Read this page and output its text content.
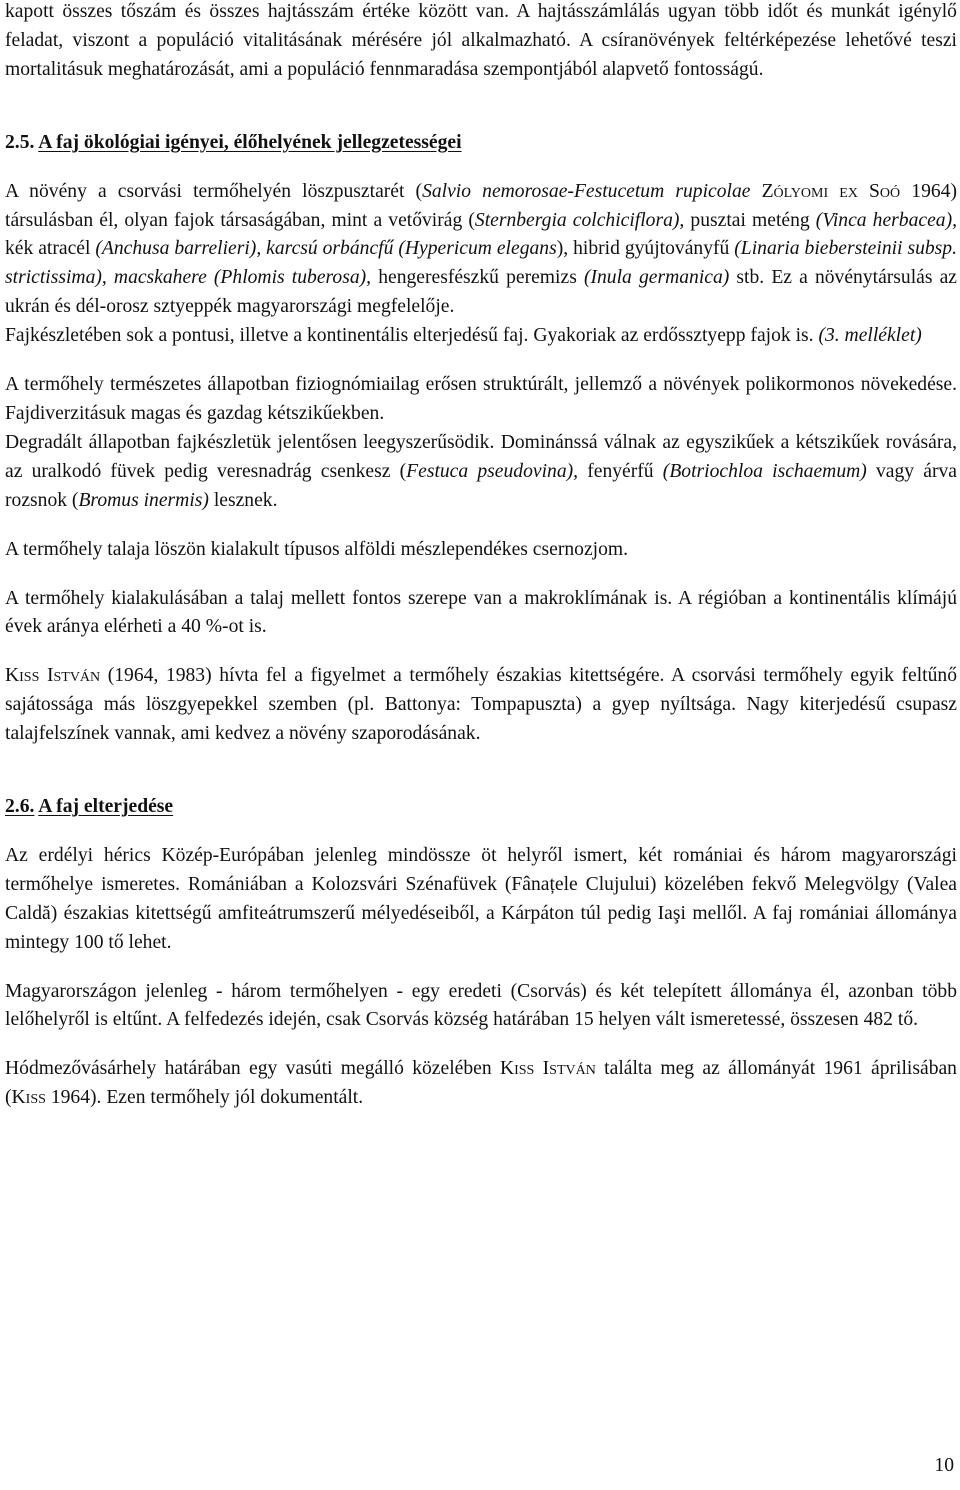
kapott összes tőszám és összes hajtásszám értéke között van. A hajtásszámlálás ugyan több időt és munkát igénylő feladat, viszont a populáció vitalitásának mérésére jól alkalmazható. A csíranövények feltérképezése lehetővé teszi mortalitásuk meghatározását, ami a populáció fennmaradása szempontjából alapvető fontosságú.

2.5. A faj ökológiai igényei, élőhelyének jellegzetességei

A növény a csorvási termőhelyén löszpusztarét (Salvio nemorosae-Festucetum rupicolae Zólyomi ex Soó 1964) társulásban él, olyan fajok társaságában, mint a vetővirág (Sternbergia colchiciflora), pusztai meténg (Vinca herbacea), kék atracél (Anchusa barrelieri), karcsú orbáncfű (Hypericum elegans), hibrid gyújtoványfű (Linaria biebersteinii subsp. strictissima), macskahere (Phlomis tuberosa), hengeresfészkű peremizs (Inula germanica) stb. Ez a növénytársulás az ukrán és dél-orosz sztyeppék magyarországi megfelelője.

Fajkészletében sok a pontusi, illetve a kontinentális elterjedésű faj. Gyakoriak az erdőssztyepp fajok is. (3. melléklet)

A termőhely természetes állapotban fiziognómiailag erősen struktúrált, jellemző a növények polikormonos növekedése. Fajdiverzitásuk magas és gazdag kétszikűekben.

Degradált állapotban fajkészletük jelentősen leegyszerűsödik. Dominánssá válnak az egyszikűek a kétszikűek rovására, az uralkodó füvek pedig veresnadrág csenkesz (Festuca pseudovina), fenyérfű (Botriochloa ischaemum) vagy árva rozsnok (Bromus inermis) lesznek.

A termőhely talaja löszön kialakult típusos alföldi mészlependékes csernozjom.

A termőhely kialakulásában a talaj mellett fontos szerepe van a makroklímának is. A régióban a kontinentális klímájú évek aránya elérheti a 40 %-ot is.

Kiss István (1964, 1983) hívta fel a figyelmet a termőhely északias kitettségére. A csorvási termőhely egyik feltűnő sajátossága más löszgyepekkel szemben (pl. Battonya: Tompapuszta) a gyep nyíltsága. Nagy kiterjedésű csupasz talajfelszínek vannak, ami kedvez a növény szaporodásának.

2.6. A faj elterjedése

Az erdélyi hérics Közép-Európában jelenleg mindössze öt helyről ismert, két romániai és három magyarországi termőhelye ismeretes. Romániában a Kolozsvári Szénafüvek (Fânațele Clujului) közelében fekvő Melegvölgy (Valea Caldă) északias kitettségű amfiteátrumszerű mélyedéseiből, a Kárpáton túl pedig Iaşi mellől. A faj romániai állománya mintegy 100 tő lehet.

Magyarországon jelenleg - három termőhelyen - egy eredeti (Csorvás) és két telepített állománya él, azonban több lelőhelyről is eltűnt. A felfedezés idején, csak Csorvás község határában 15 helyen vált ismeretessé, összesen 482 tő.

Hódmezővásárhely határában egy vasúti megálló közelében Kiss István találta meg az állományát 1961 áprilisában (Kiss 1964). Ezen termőhely jól dokumentált.

10
